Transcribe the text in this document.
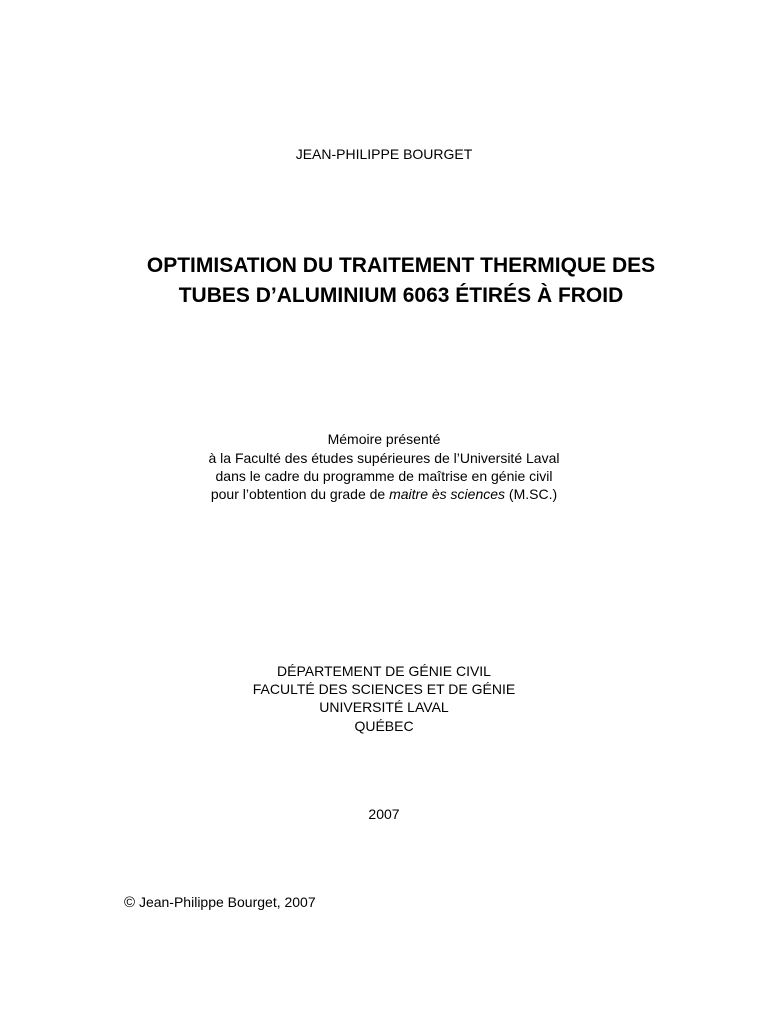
JEAN-PHILIPPE BOURGET
OPTIMISATION DU TRAITEMENT THERMIQUE DES
TUBES D’ALUMINIUM 6063 ÉTIRÉS À FROID
Mémoire présenté
à la Faculté des études supérieures de l’Université Laval
dans le cadre du programme de maîtrise en génie civil
pour l’obtention du grade de maitre ès sciences (M.SC.)
DÉPARTEMENT DE GÉNIE CIVIL
FACULTÉ DES SCIENCES ET DE GÉNIE
UNIVERSITÉ LAVAL
QUÉBEC
2007
© Jean-Philippe Bourget, 2007
